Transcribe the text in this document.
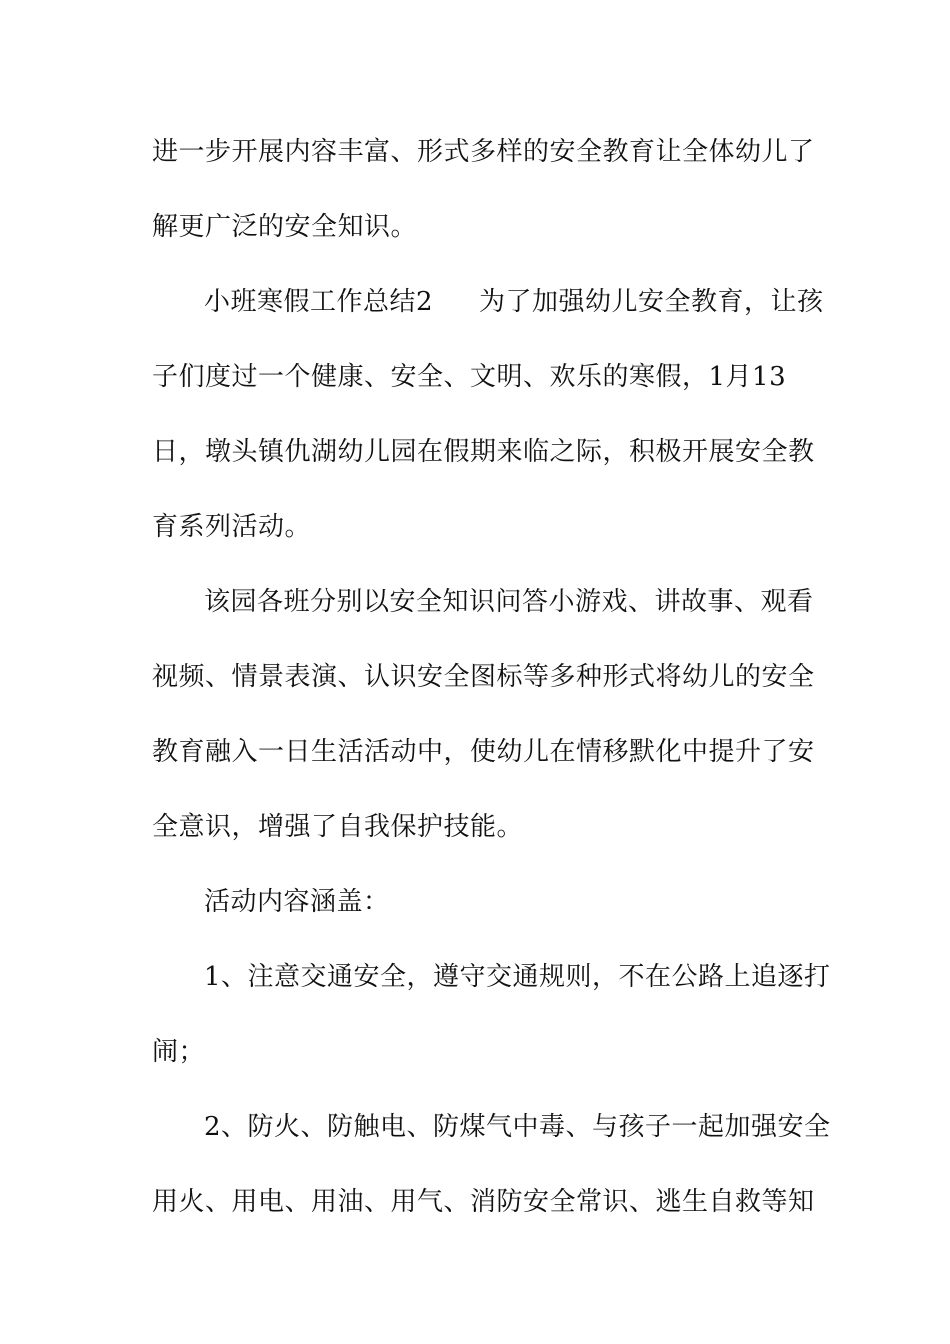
进一步开展内容丰富、形式多样的安全教育让全体幼儿了
解更广泛的安全知识。
小班寒假工作总结2 为了加强幼儿安全教育，让孩
子们度过一个健康、安全、文明、欢乐的寒假，1月13
日，墩头镇仇湖幼儿园在假期来临之际，积极开展安全教
育系列活动。
该园各班分别以安全知识问答小游戏、讲故事、观看
视频、情景表演、认识安全图标等多种形式将幼儿的安全
教育融入一日生活活动中，使幼儿在情移默化中提升了安
全意识，增强了自我保护技能。
活动内容涵盖：
1、注意交通安全，遵守交通规则，不在公路上追逐打
闹；
2、防火、防触电、防煤气中毒、与孩子一起加强安全
用火、用电、用油、用气、消防安全常识、逃生自救等知
